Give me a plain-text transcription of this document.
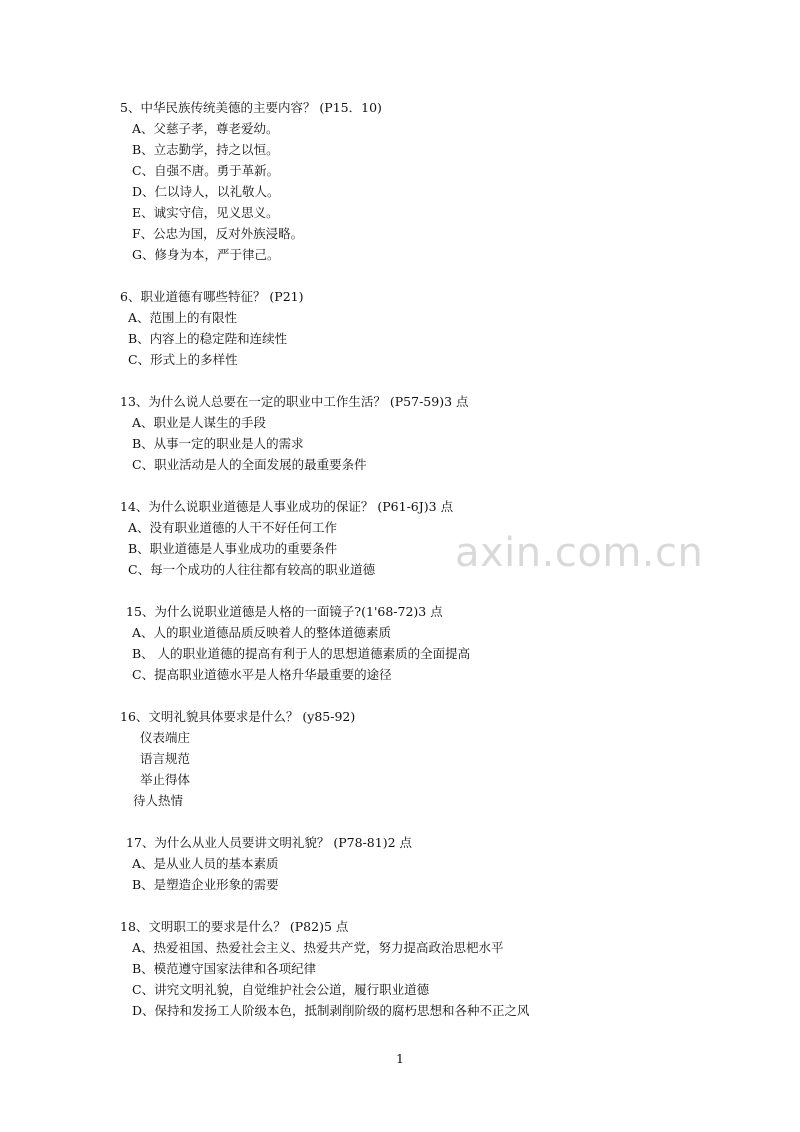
5、中华民族传统美德的主要内容？ (P15．10)
A、父慈子孝，尊老爱幼。
B、立志勤学，持之以恒。
C、自强不唐。勇于革新。
D、仁以诗人，以礼敬人。
E、诚实守信，见义思义。
F、公忠为国，反对外族浸略。
G、修身为本，严于律己。
6、职业道德有哪些特征？ (P21)
A、范围上的有限性
B、内容上的稳定陛和连续性
C、形式上的多样性
13、为什么说人总要在一定的职业中工作生活？ (P57-59)3 点
A、职业是人谋生的手段
B、从事一定的职业是人的需求
C、职业活动是人的全面发展的最重要条件
14、为什么说职业道德是人事业成功的保证？ (P61-6J)3 点
A、没有职业道德的人干不好任何工作
B、职业道德是人事业成功的重要条件
C、每一个成功的人往往都有较高的职业道德
15、为什么说职业道德是人格的一面镜子?(1'68-72)3 点
A、人的职业道德品质反映着人的整体道德素质
B、 人的职业道德的提高有利于人的思想道德素质的全面提高
C、提高职业道德水平是人格升华最重要的途径
16、文明礼貌具体要求是什么？ (y85-92)
仪表端庄
语言规范
举止得体
待人热情
17、为什么从业人员要讲文明礼貌？ (P78-81)2 点
A、是从业人员的基本素质
B、是塑造企业形象的需要
18、文明职工的要求是什么？ (P82)5 点
A、热爱祖国、热爱社会主义、热爱共产党，努力提高政治思杷水平
B、模范遵守国家法律和各项纪律
C、讲究文明礼貌，自觉维护社会公道，履行职业道德
D、保持和发扬工人阶级本色，抵制剥削阶级的腐朽思想和各种不正之风
axin.com.cn
1
